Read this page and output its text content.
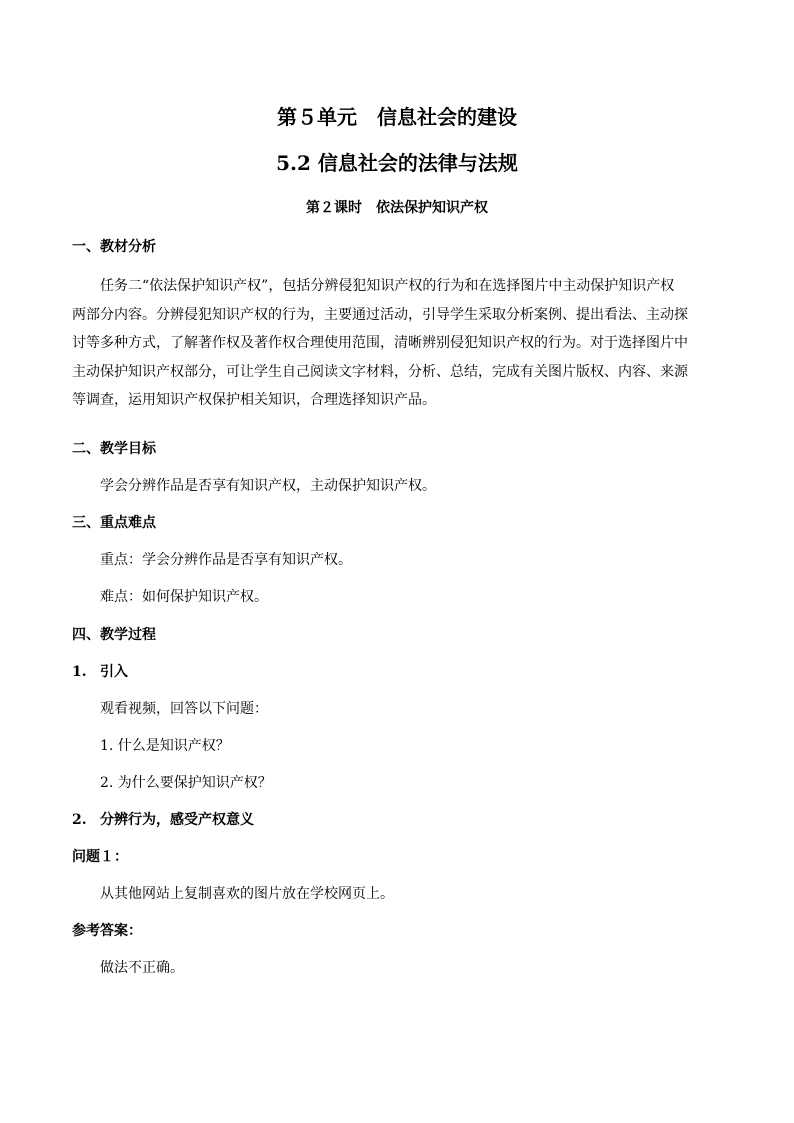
第５单元　信息社会的建设
5.2 信息社会的法律与法规
第２课时　依法保护知识产权
一、教材分析
任务二“依法保护知识产权”，包括分辨侵犯知识产权的行为和在选择图片中主动保护知识产权
两部分内容。分辨侵犯知识产权的行为，主要通过活动，引导学生采取分析案例、提出看法、主动探
讨等多种方式，了解著作权及著作权合理使用范围，清晰辨别侵犯知识产权的行为。对于选择图片中
主动保护知识产权部分，可让学生自己阅读文字材料，分析、总结，完成有关图片版权、内容、来源
等调查，运用知识产权保护相关知识，合理选择知识产品。
二、教学目标
学会分辨作品是否享有知识产权，主动保护知识产权。
三、重点难点
重点：学会分辨作品是否享有知识产权。
难点：如何保护知识产权。
四、教学过程
1. 引入
观看视频，回答以下问题：
1. 什么是知识产权？
2. 为什么要保护知识产权？
2. 分辨行为，感受产权意义
问题１：
从其他网站上复制喜欢的图片放在学校网页上。
参考答案：
做法不正确。
